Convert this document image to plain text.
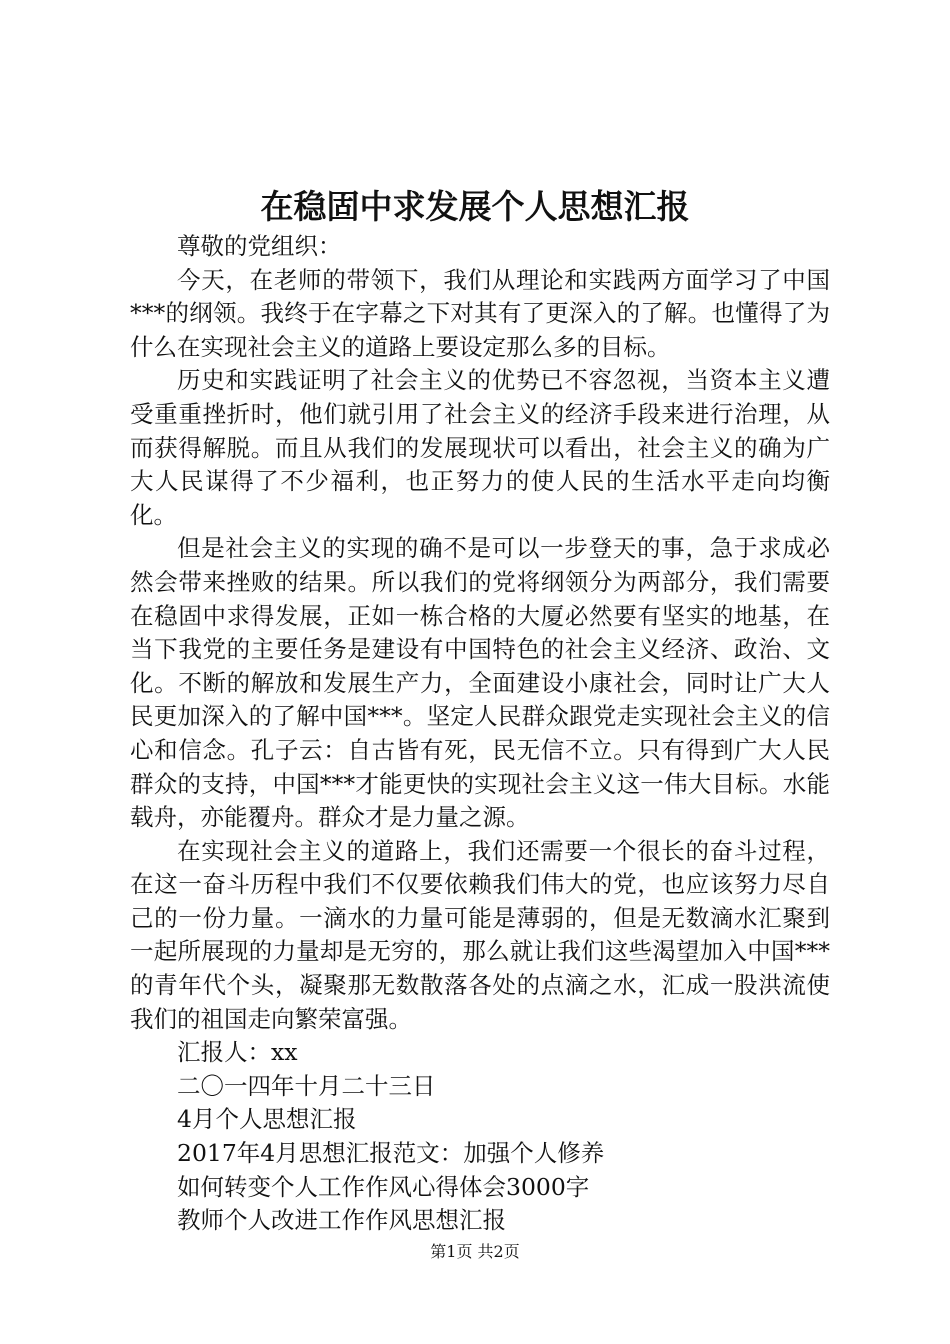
在稳固中求发展个人思想汇报

尊敬的党组织：

今天，在老师的带领下，我们从理论和实践两方面学习了中国***的纲领。我终于在字幕之下对其有了更深入的了解。也懂得了为什么在实现社会主义的道路上要设定那么多的目标。

历史和实践证明了社会主义的优势已不容忽视，当资本主义遭受重重挫折时，他们就引用了社会主义的经济手段来进行治理，从而获得解脱。而且从我们的发展现状可以看出，社会主义的确为广大人民谋得了不少福利，也正努力的使人民的生活水平走向均衡化。

但是社会主义的实现的确不是可以一步登天的事，急于求成必然会带来挫败的结果。所以我们的党将纲领分为两部分，我们需要在稳固中求得发展，正如一栋合格的大厦必然要有坚实的地基，在当下我党的主要任务是建设有中国特色的社会主义经济、政治、文化。不断的解放和发展生产力，全面建设小康社会，同时让广大人民更加深入的了解中国***。坚定人民群众跟党走实现社会主义的信心和信念。孔子云：自古皆有死，民无信不立。只有得到广大人民群众的支持，中国***才能更快的实现社会主义这一伟大目标。水能载舟，亦能覆舟。群众才是力量之源。

在实现社会主义的道路上，我们还需要一个很长的奋斗过程，在这一奋斗历程中我们不仅要依赖我们伟大的党，也应该努力尽自己的一份力量。一滴水的力量可能是薄弱的，但是无数滴水汇聚到一起所展现的力量却是无穷的，那么就让我们这些渴望加入中国***的青年代个头，凝聚那无数散落各处的点滴之水，汇成一股洪流使我们的祖国走向繁荣富强。

汇报人：xx

二〇一四年十月二十三日

4月个人思想汇报

2017年4月思想汇报范文：加强个人修养

如何转变个人工作作风心得体会3000字

教师个人改进工作作风思想汇报

第1页 共2页
